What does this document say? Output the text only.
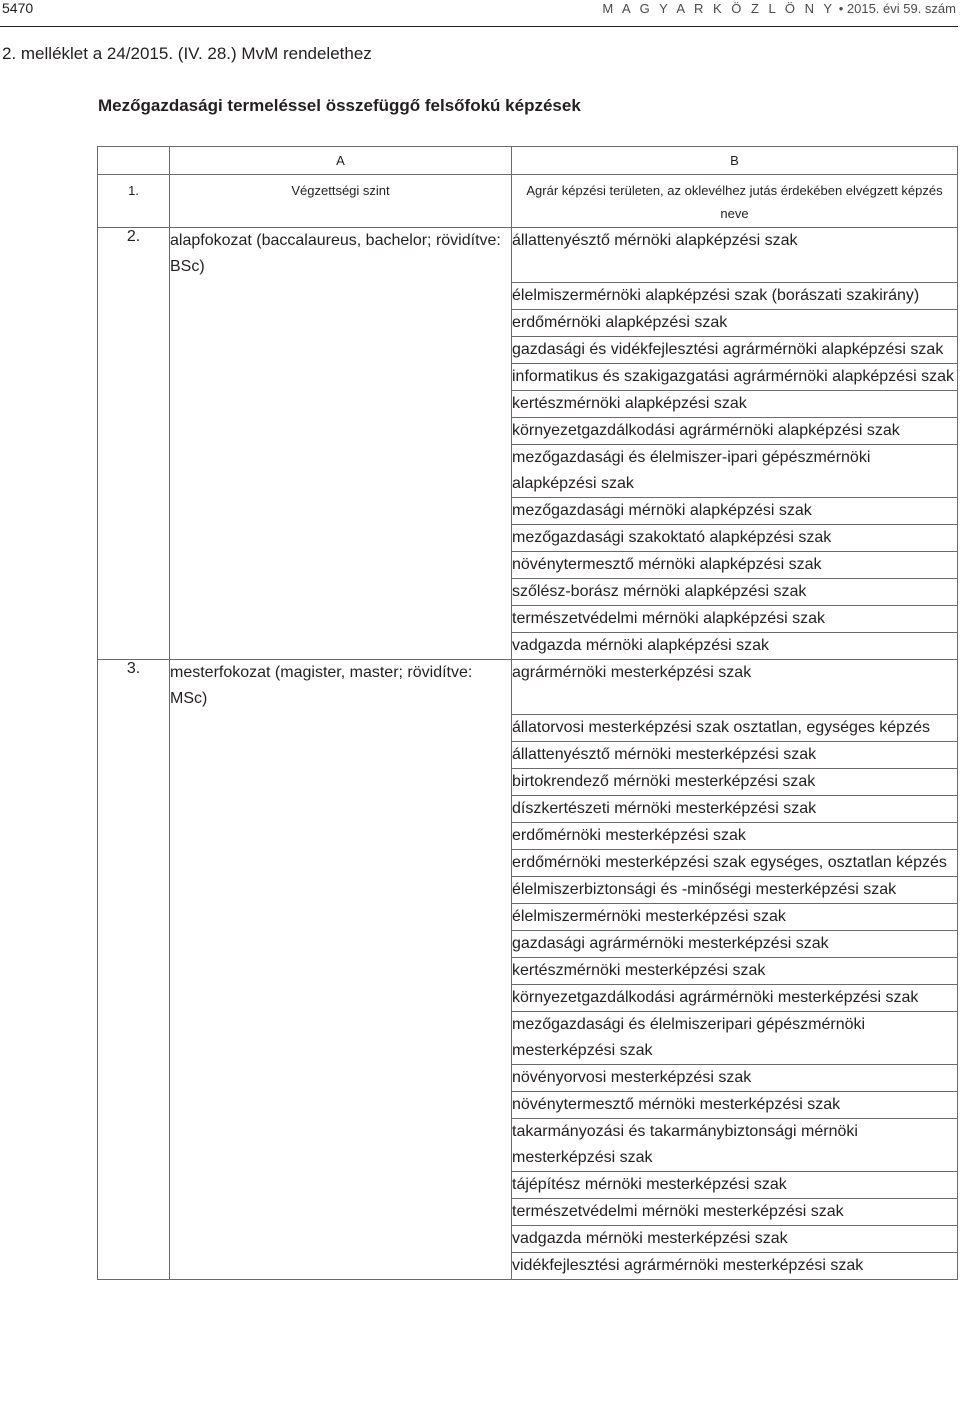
5470	M A G Y A R K Ö Z L Ö N Y • 2015. évi 59. szám
2. melléklet a 24/2015. (IV. 28.) MvM rendelethez
Mezőgazdasági termeléssel összefüggő felsőfokú képzések
	A	B
1.	Végzettségi szint	Agrár képzési területen, az oklevélhez jutás érdekében elvégzett képzés neve
2.	alapfokozat (baccalaureus, bachelor; rövidítve: BSc)	állattenyésztő mérnöki alapképzési szak
		élelmiszermérnöki alapképzési szak (borászati szakirány)
		erdőmérnöki alapképzési szak
		gazdasági és vidékfejlesztési agrármérnöki alapképzési szak
		informatikus és szakigazgatási agrármérnöki alapképzési szak
		kertészmérnöki alapképzési szak
		környezetgazdálkodási agrármérnöki alapképzési szak
		mezőgazdasági és élelmiszer-ipari gépészmérnöki alapképzési szak
		mezőgazdasági mérnöki alapképzési szak
		mezőgazdasági szakoktató alapképzési szak
		növénytermesztő mérnöki alapképzési szak
		szőlész-borász mérnöki alapképzési szak
		természetvédelmi mérnöki alapképzési szak
		vadgazda mérnöki alapképzési szak
3.	mesterfokozat (magister, master; rövidítve: MSc)	agrármérnöki mesterképzési szak
		állatorvosi mesterképzési szak osztatlan, egységes képzés
		állattenyésztő mérnöki mesterképzési szak
		birtokrendező mérnöki mesterképzési szak
		díszkertészeti mérnöki mesterképzési szak
		erdőmérnöki mesterképzési szak
		erdőmérnöki mesterképzési szak egységes, osztatlan képzés
		élelmiszerbiztonsági és -minőségi mesterképzési szak
		élelmiszermérnöki mesterképzési szak
		gazdasági agrármérnöki mesterképzési szak
		kertészmérnöki mesterképzési szak
		környezetgazdálkodási agrármérnöki mesterképzési szak
		mezőgazdasági és élelmiszeripari gépészmérnöki mesterképzési szak
		növényorvosi mesterképzési szak
		növénytermesztő mérnöki mesterképzési szak
		takarmányozási és takarmánybiztonsági mérnöki mesterképzési szak
		tájépítész mérnöki mesterképzési szak
		természetvédelmi mérnöki mesterképzési szak
		vadgazda mérnöki mesterképzési szak
		vidékfejlesztési agrármérnöki mesterképzési szak
